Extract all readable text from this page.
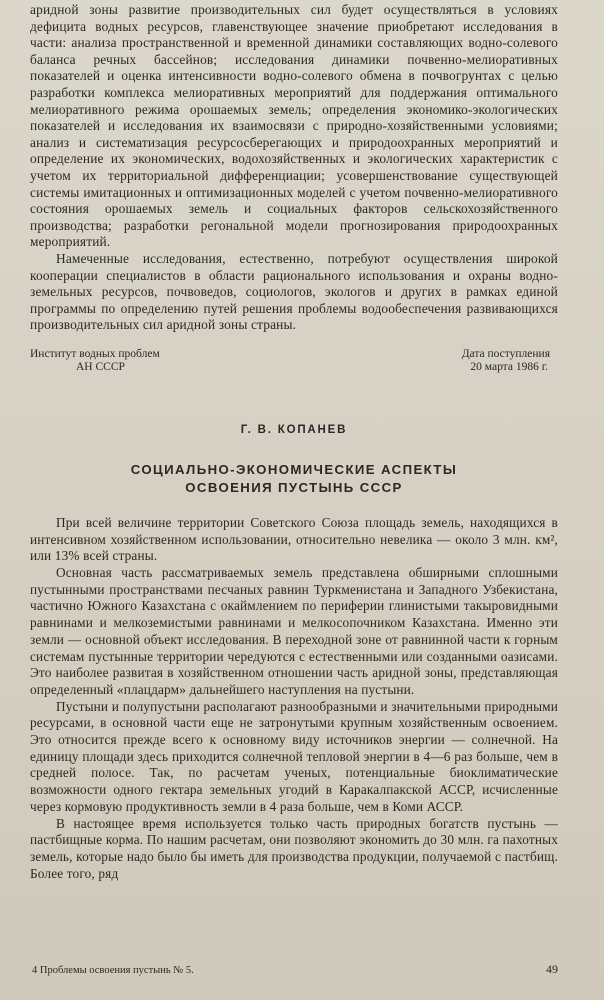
аридной зоны развитие производительных сил будет осуществляться в условиях дефицита водных ресурсов, главенствующее значение приобретают исследования в части: анализа пространственной и временной динамики составляющих водно-солевого баланса речных бассейнов; исследования динамики почвенно-мелиоративных показателей и оценка интенсивности водно-солевого обмена в почвогрунтах с целью разработки комплекса мелиоративных мероприятий для поддержания оптимального мелиоративного режима орошаемых земель; определения экономико-экологических показателей и исследования их взаимосвязи с природно-хозяйственными условиями; анализ и систематизация ресурсосберегающих и природоохранных мероприятий и определение их экономических, водохозяйственных и экологических характеристик с учетом их территориальной дифференциации; усовершенствование существующей системы имитационных и оптимизационных моделей с учетом почвенно-мелиоративного состояния орошаемых земель и социальных факторов сельскохозяйственного производства; разработки регональной модели прогнозирования природоохранных мероприятий.

Намеченные исследования, естественно, потребуют осуществления широкой кооперации специалистов в области рационального использования и охраны водно-земельных ресурсов, почвоведов, социологов, экологов и других в рамках единой программы по определению путей решения проблемы водообеспечения развивающихся производительных сил аридной зоны страны.

Институт водных проблем
АН СССР
Дата поступления
20 марта 1986 г.
Г. В. КОПАНЕВ
СОЦИАЛЬНО-ЭКОНОМИЧЕСКИЕ АСПЕКТЫ
ОСВОЕНИЯ ПУСТЫНЬ СССР

При всей величине территории Советского Союза площадь земель, находящихся в интенсивном хозяйственном использовании, относительно невелика — около 3 млн. км², или 13% всей страны.

Основная часть рассматриваемых земель представлена обширными сплошными пустынными пространствами песчаных равнин Туркменистана и Западного Узбекистана, частично Южного Казахстана с окаймлением по периферии глинистыми такыровидными равнинами и мелкоземистыми равнинами и мелкосопочником Казахстана. Именно эти земли — основной объект исследования. В переходной зоне от равнинной части к горным системам пустынные территории чередуются с естественными или созданными оазисами. Это наиболее развитая в хозяйственном отношении часть аридной зоны, представляющая определенный «плацдарм» дальнейшего наступления на пустыни.

Пустыни и полупустыни располагают разнообразными и значительными природными ресурсами, в основной части еще не затронутыми крупным хозяйственным освоением. Это относится прежде всего к основному виду источников энергии — солнечной. На единицу площади здесь приходится солнечной тепловой энергии в 4—6 раз больше, чем в средней полосе. Так, по расчетам ученых, потенциальные биоклиматические возможности одного гектара земельных угодий в Каракалпакской АССР, исчисленные через кормовую продуктивность земли в 4 раза больше, чем в Коми АССР.

В настоящее время используется только часть природных богатств пустынь — пастбищные корма. По нашим расчетам, они позволяют экономить до 30 млн. га пахотных земель, которые надо было бы иметь для производства продукции, получаемой с пастбищ. Более того, ряд

4 Проблемы освоения пустынь № 5.	49
